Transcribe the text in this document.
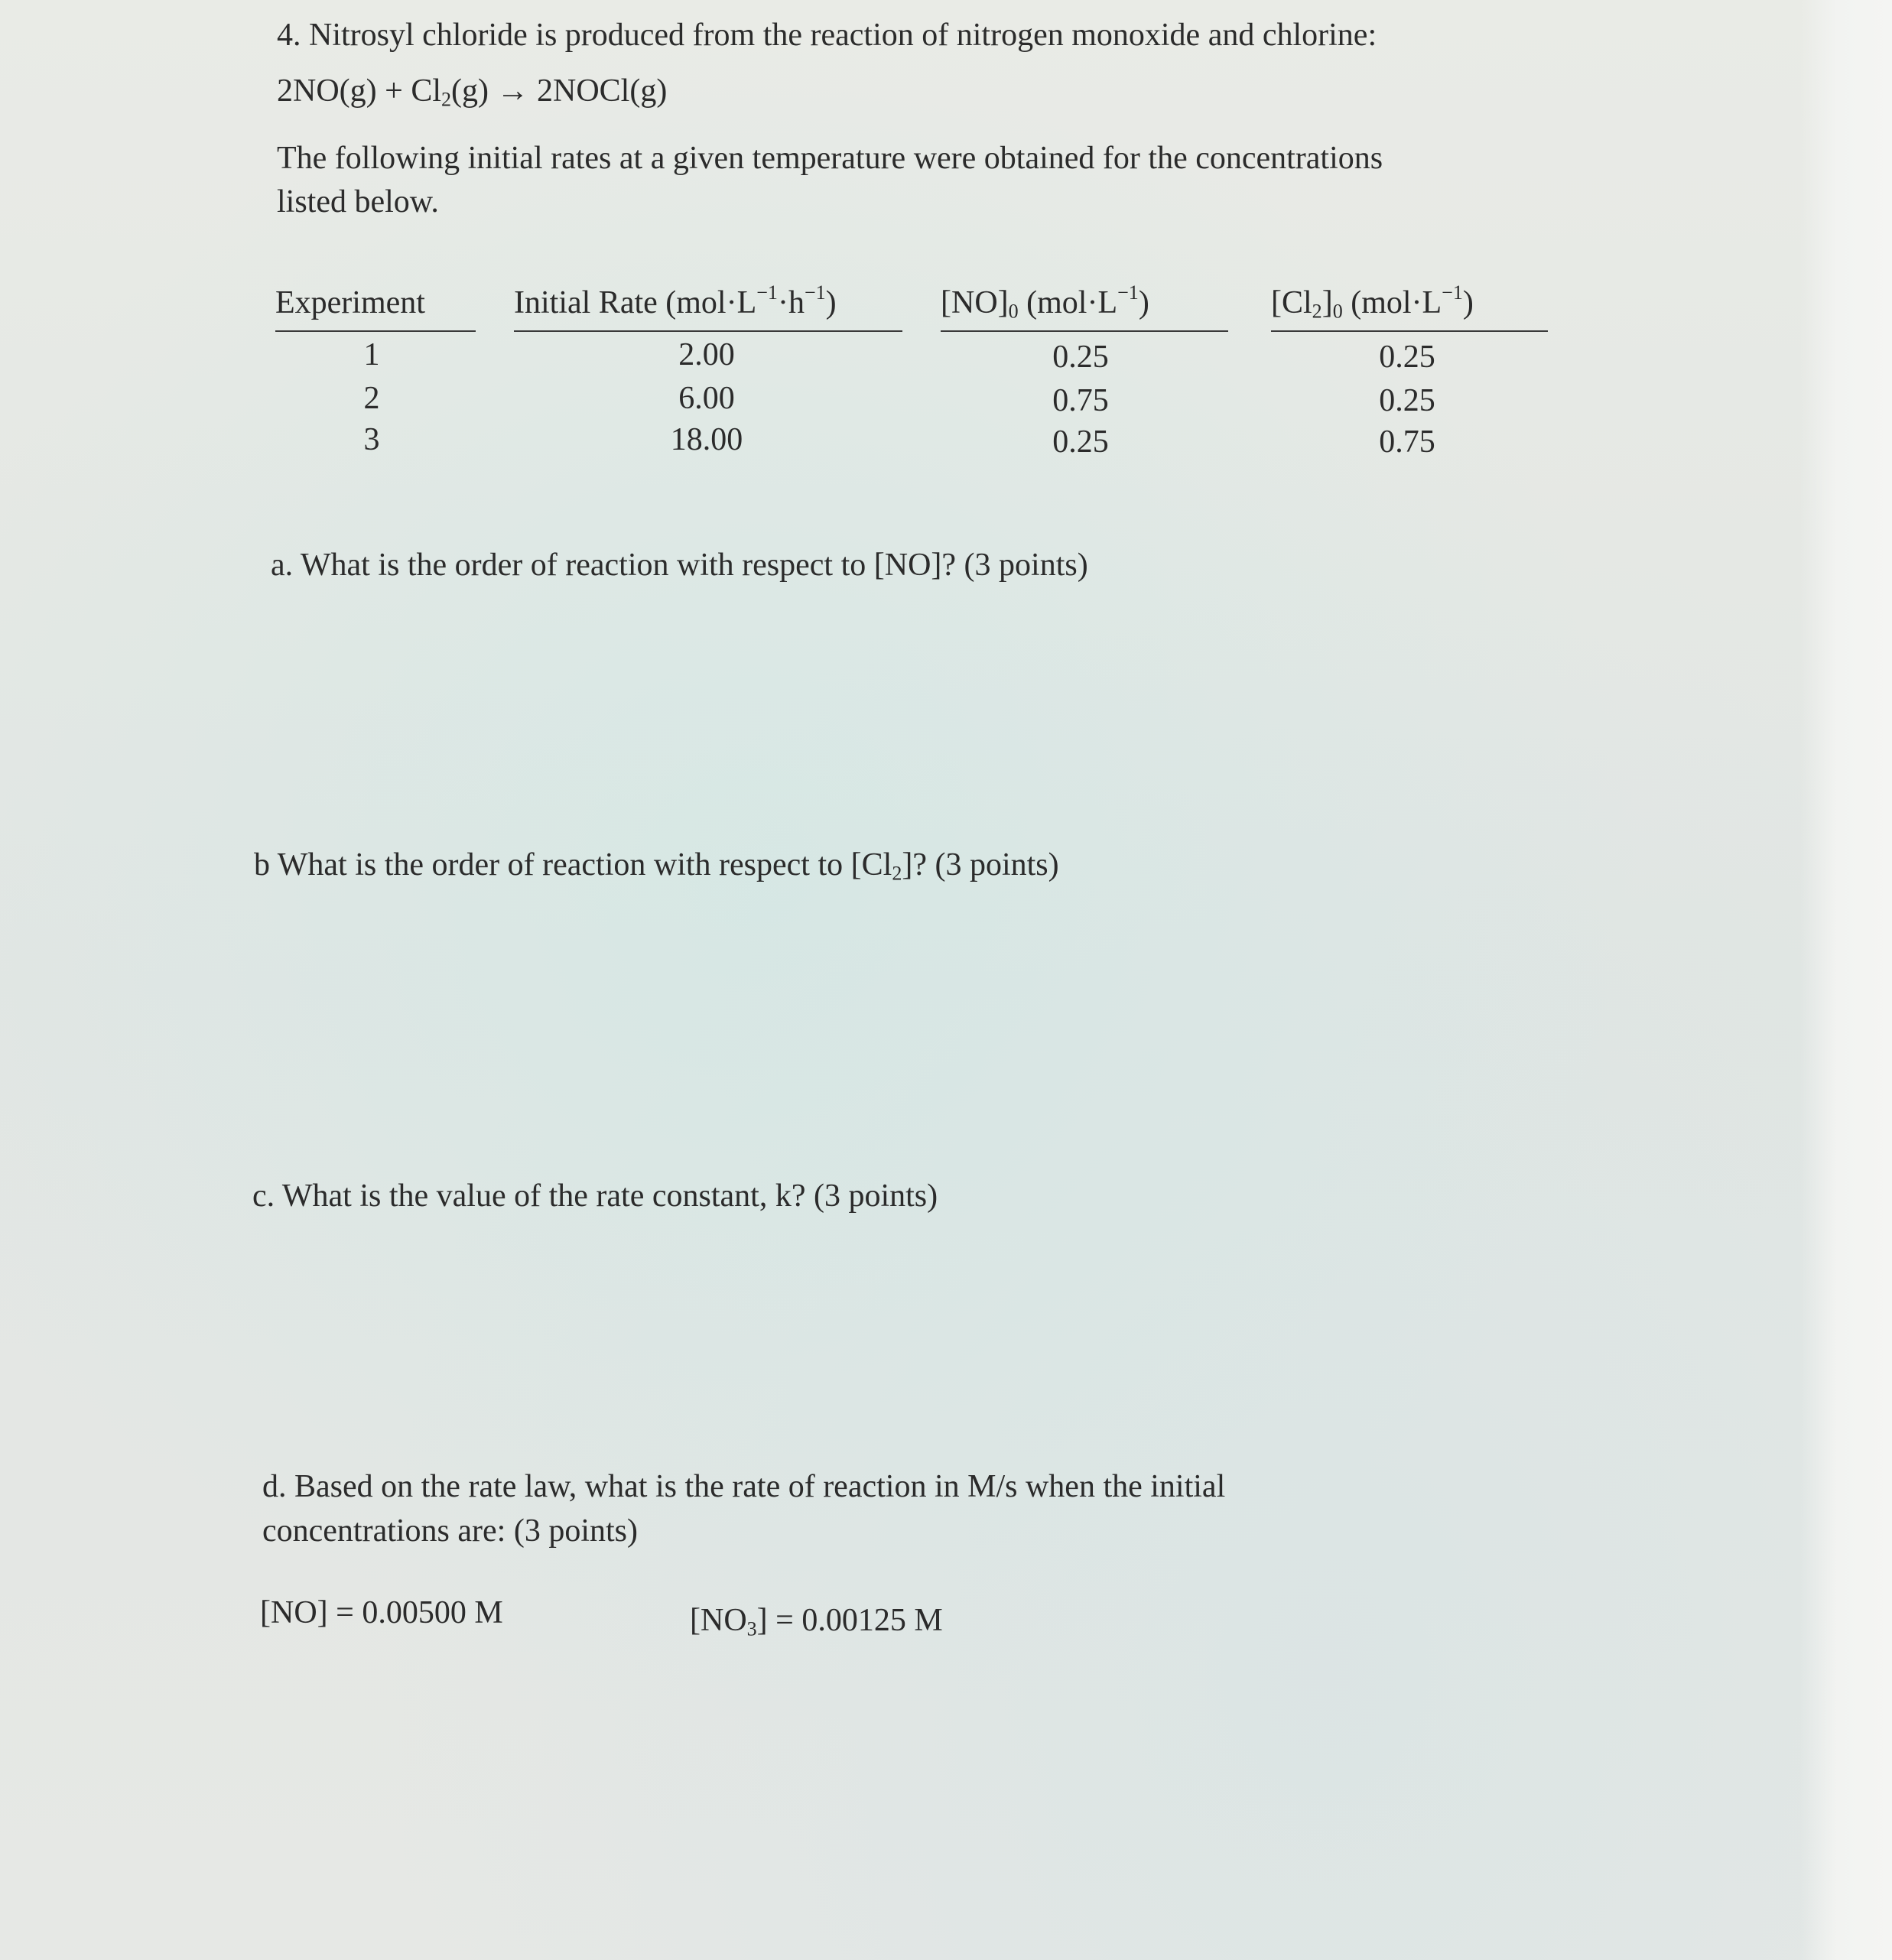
4. Nitrosyl chloride is produced from the reaction of nitrogen monoxide and chlorine:
$2NO(g) + Cl_2(g)$ → 2NOCl(g)
The following initial rates at a given temperature were obtained for the concentrations
listed below.
Experiment	Initial Rate $(mol\cdot L^{-1}\cdot h^{-1})$	$[NO]_0$ $(mol\cdot L^{-1})$	$[Cl_2]_0$ $(mol\cdot L^{-1})$
1	2.00	0.25	0.25
2	6.00	0.75	0.25
3	18.00	0.25	0.75
a. What is the order of reaction with respect to [NO]? (3 points)
b What is the order of reaction with respect to $[Cl_2]$? (3 points)
c. What is the value of the rate constant, k? (3 points)
d. Based on the rate law, what is the rate of reaction in M/s when the initial
concentrations are: (3 points)
[NO] = 0.00500 M	$[NO_3] = 0.00125$ M
